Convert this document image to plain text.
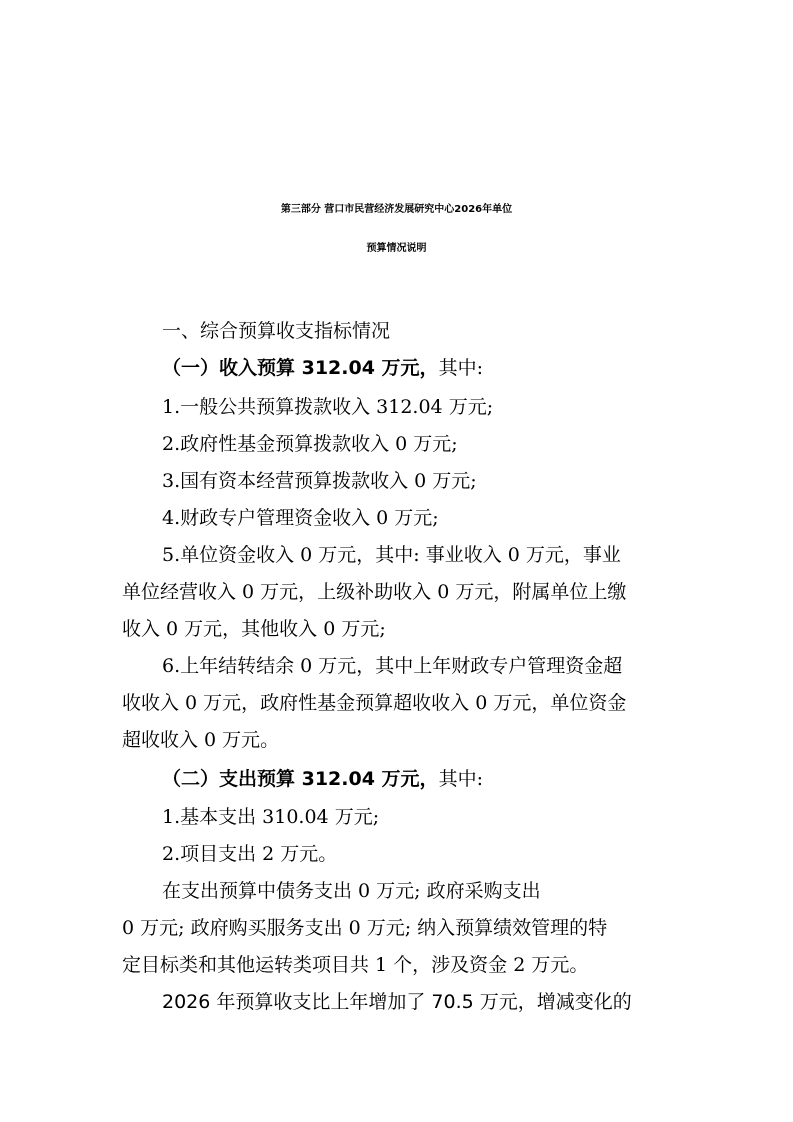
第三部分 营口市民营经济发展研究中心2026年单位
预算情况说明
一、综合预算收支指标情况
（一）收入预算 312.04 万元，其中:
1.一般公共预算拨款收入 312.04 万元;
2.政府性基金预算拨款收入 0 万元;
3.国有资本经营预算拨款收入 0 万元;
4.财政专户管理资金收入 0 万元;
5.单位资金收入 0 万元，其中: 事业收入 0 万元，事业
单位经营收入 0 万元，上级补助收入 0 万元，附属单位上缴
收入 0 万元，其他收入 0 万元;
6.上年结转结余 0 万元，其中上年财政专户管理资金超
收收入 0 万元，政府性基金预算超收收入 0 万元，单位资金
超收收入 0 万元。
（二）支出预算 312.04 万元，其中:
1.基本支出 310.04 万元;
2.项目支出 2 万元。
在支出预算中债务支出 0 万元; 政府采购支出
0 万元; 政府购买服务支出 0 万元; 纳入预算绩效管理的特
定目标类和其他运转类项目共 1 个，涉及资金 2 万元。
2026 年预算收支比上年增加了 70.5 万元，增减变化的
